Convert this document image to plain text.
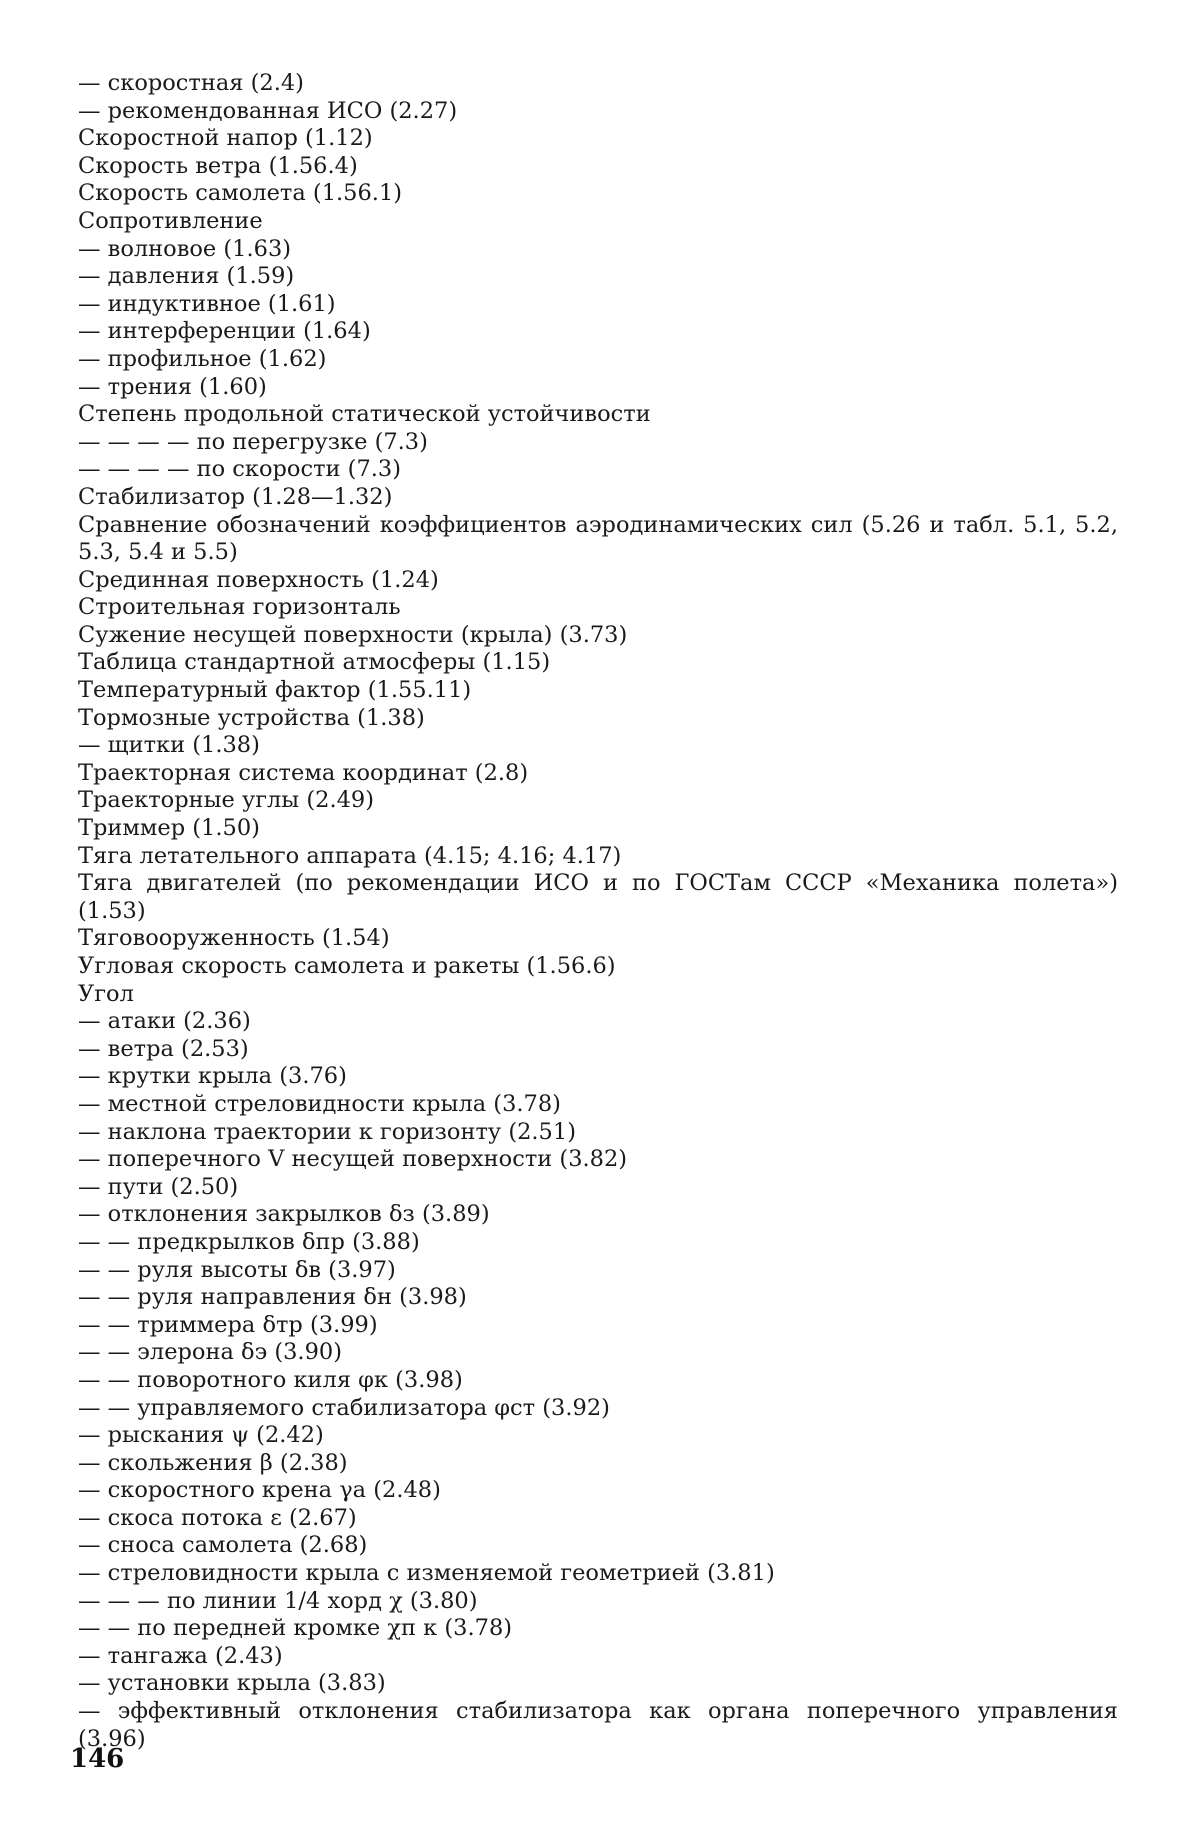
— скоростная (2.4)
— рекомендованная ИСО (2.27)
Скоростной напор (1.12)
Скорость ветра (1.56.4)
Скорость самолета (1.56.1)
Сопротивление
— волновое (1.63)
— давления (1.59)
— индуктивное (1.61)
— интерференции (1.64)
— профильное (1.62)
— трения (1.60)
Степень продольной статической устойчивости
— — — — по перегрузке (7.3)
— — — — по скорости (7.3)
Стабилизатор (1.28—1.32)
Сравнение обозначений коэффициентов аэродинамических сил (5.26 и табл. 5.1, 5.2, 5.3, 5.4 и 5.5)
Срединная поверхность (1.24)
Строительная горизонталь
Сужение несущей поверхности (крыла) (3.73)
Таблица стандартной атмосферы (1.15)
Температурный фактор (1.55.11)
Тормозные устройства (1.38)
— щитки (1.38)
Траекторная система координат (2.8)
Траекторные углы (2.49)
Триммер (1.50)
Тяга летательного аппарата (4.15; 4.16; 4.17)
Тяга двигателей (по рекомендации ИСО и по ГОСТам СССР «Механика полета») (1.53)
Тяговооруженность (1.54)
Угловая скорость самолета и ракеты (1.56.6)
Угол
— атаки (2.36)
— ветра (2.53)
— крутки крыла (3.76)
— местной стреловидности крыла (3.78)
— наклона траектории к горизонту (2.51)
— поперечного V несущей поверхности (3.82)
— пути (2.50)
— отклонения закрылков δз (3.89)
— — предкрылков δпр (3.88)
— — руля высоты δв (3.97)
— — руля направления δн (3.98)
— — триммера δтр (3.99)
— — элерона δэ (3.90)
— — поворотного киля φк (3.98)
— — управляемого стабилизатора φст (3.92)
— рыскания ψ (2.42)
— скольжения β (2.38)
— скоростного крена γа (2.48)
— скоса потока ε (2.67)
— сноса самолета (2.68)
— стреловидности крыла с изменяемой геометрией (3.81)
— — — по линии 1/4 хорд χ (3.80)
— — по передней кромке χп к (3.78)
— тангажа (2.43)
— установки крыла (3.83)
— эффективный отклонения стабилизатора как органа поперечного управления (3.96)
146
